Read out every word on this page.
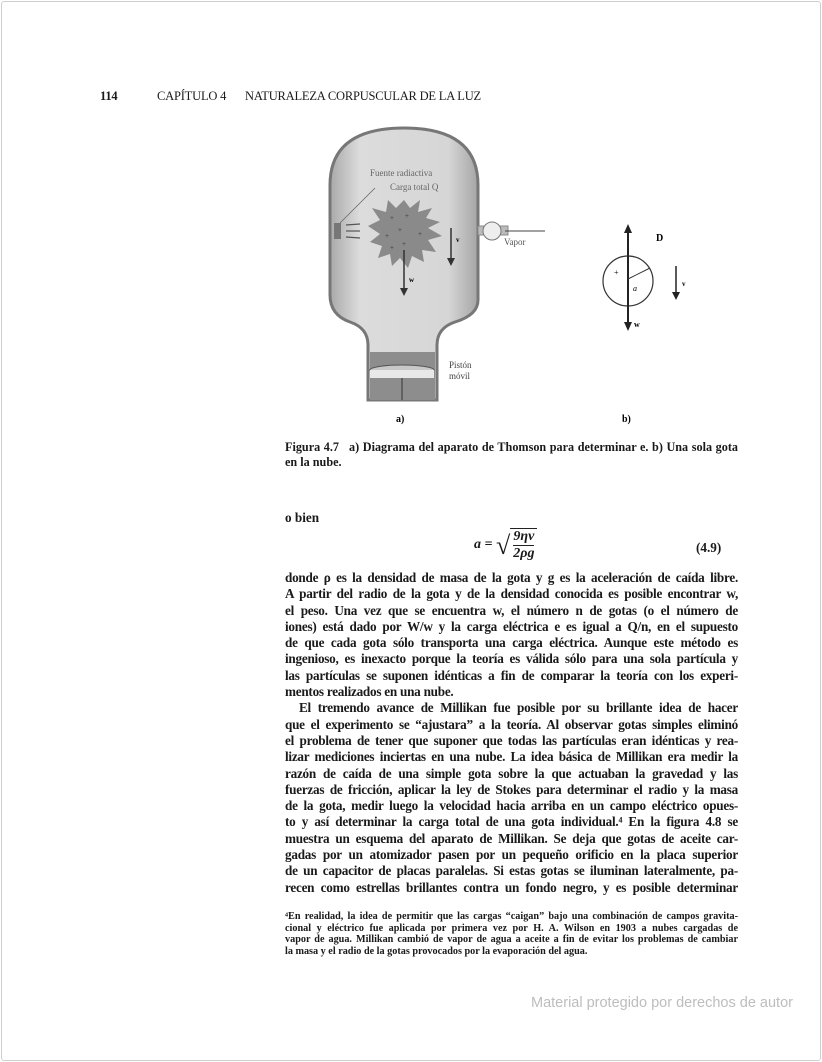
114	CAPÍTULO 4 NATURALEZA CORPUSCULAR DE LA LUZ
+ +
+
+	+
+
+
Fuente radiactiva
Carga total Q
Vapor
v
w
Pistón
móvil
D
+
a	v
w
a)	b)
Figura 4.7 a) Diagrama del aparato de Thomson para determinar e. b) Una sola gota
en la nube.
o bien
a = √ $\frac{9\eta v}{2\rho g}$	(4.9)
donde ρ es la densidad de masa de la gota y g es la aceleración de caída libre.
A partir del radio de la gota y de la densidad conocida es posible encontrar w,
el peso. Una vez que se encuentra w, el número n de gotas (o el número de
iones) está dado por W/w y la carga eléctrica e es igual a Q/n, en el supuesto
de que cada gota sólo transporta una carga eléctrica. Aunque este método es
ingenioso, es inexacto porque la teoría es válida sólo para una sola partícula y
las partículas se suponen idénticas a fin de comparar la teoría con los experi-
mentos realizados en una nube.
El tremendo avance de Millikan fue posible por su brillante idea de hacer
que el experimento se “ajustara” a la teoría. Al observar gotas simples eliminó
el problema de tener que suponer que todas las partículas eran idénticas y rea-
lizar mediciones inciertas en una nube. La idea básica de Millikan era medir la
razón de caída de una simple gota sobre la que actuaban la gravedad y las
fuerzas de fricción, aplicar la ley de Stokes para determinar el radio y la masa
de la gota, medir luego la velocidad hacia arriba en un campo eléctrico opues-
to y así determinar la carga total de una gota individual.⁴ En la figura 4.8 se
muestra un esquema del aparato de Millikan. Se deja que gotas de aceite car-
gadas por un atomizador pasen por un pequeño orificio en la placa superior
de un capacitor de placas paralelas. Si estas gotas se iluminan lateralmente, pa-
recen como estrellas brillantes contra un fondo negro, y es posible determinar
⁴En realidad, la idea de permitir que las cargas “caigan” bajo una combinación de campos gravita-
cional y eléctrico fue aplicada por primera vez por H. A. Wilson en 1903 a nubes cargadas de
vapor de agua. Millikan cambió de vapor de agua a aceite a fin de evitar los problemas de cambiar
la masa y el radio de la gotas provocados por la evaporación del agua.
Material protegido por derechos de autor
